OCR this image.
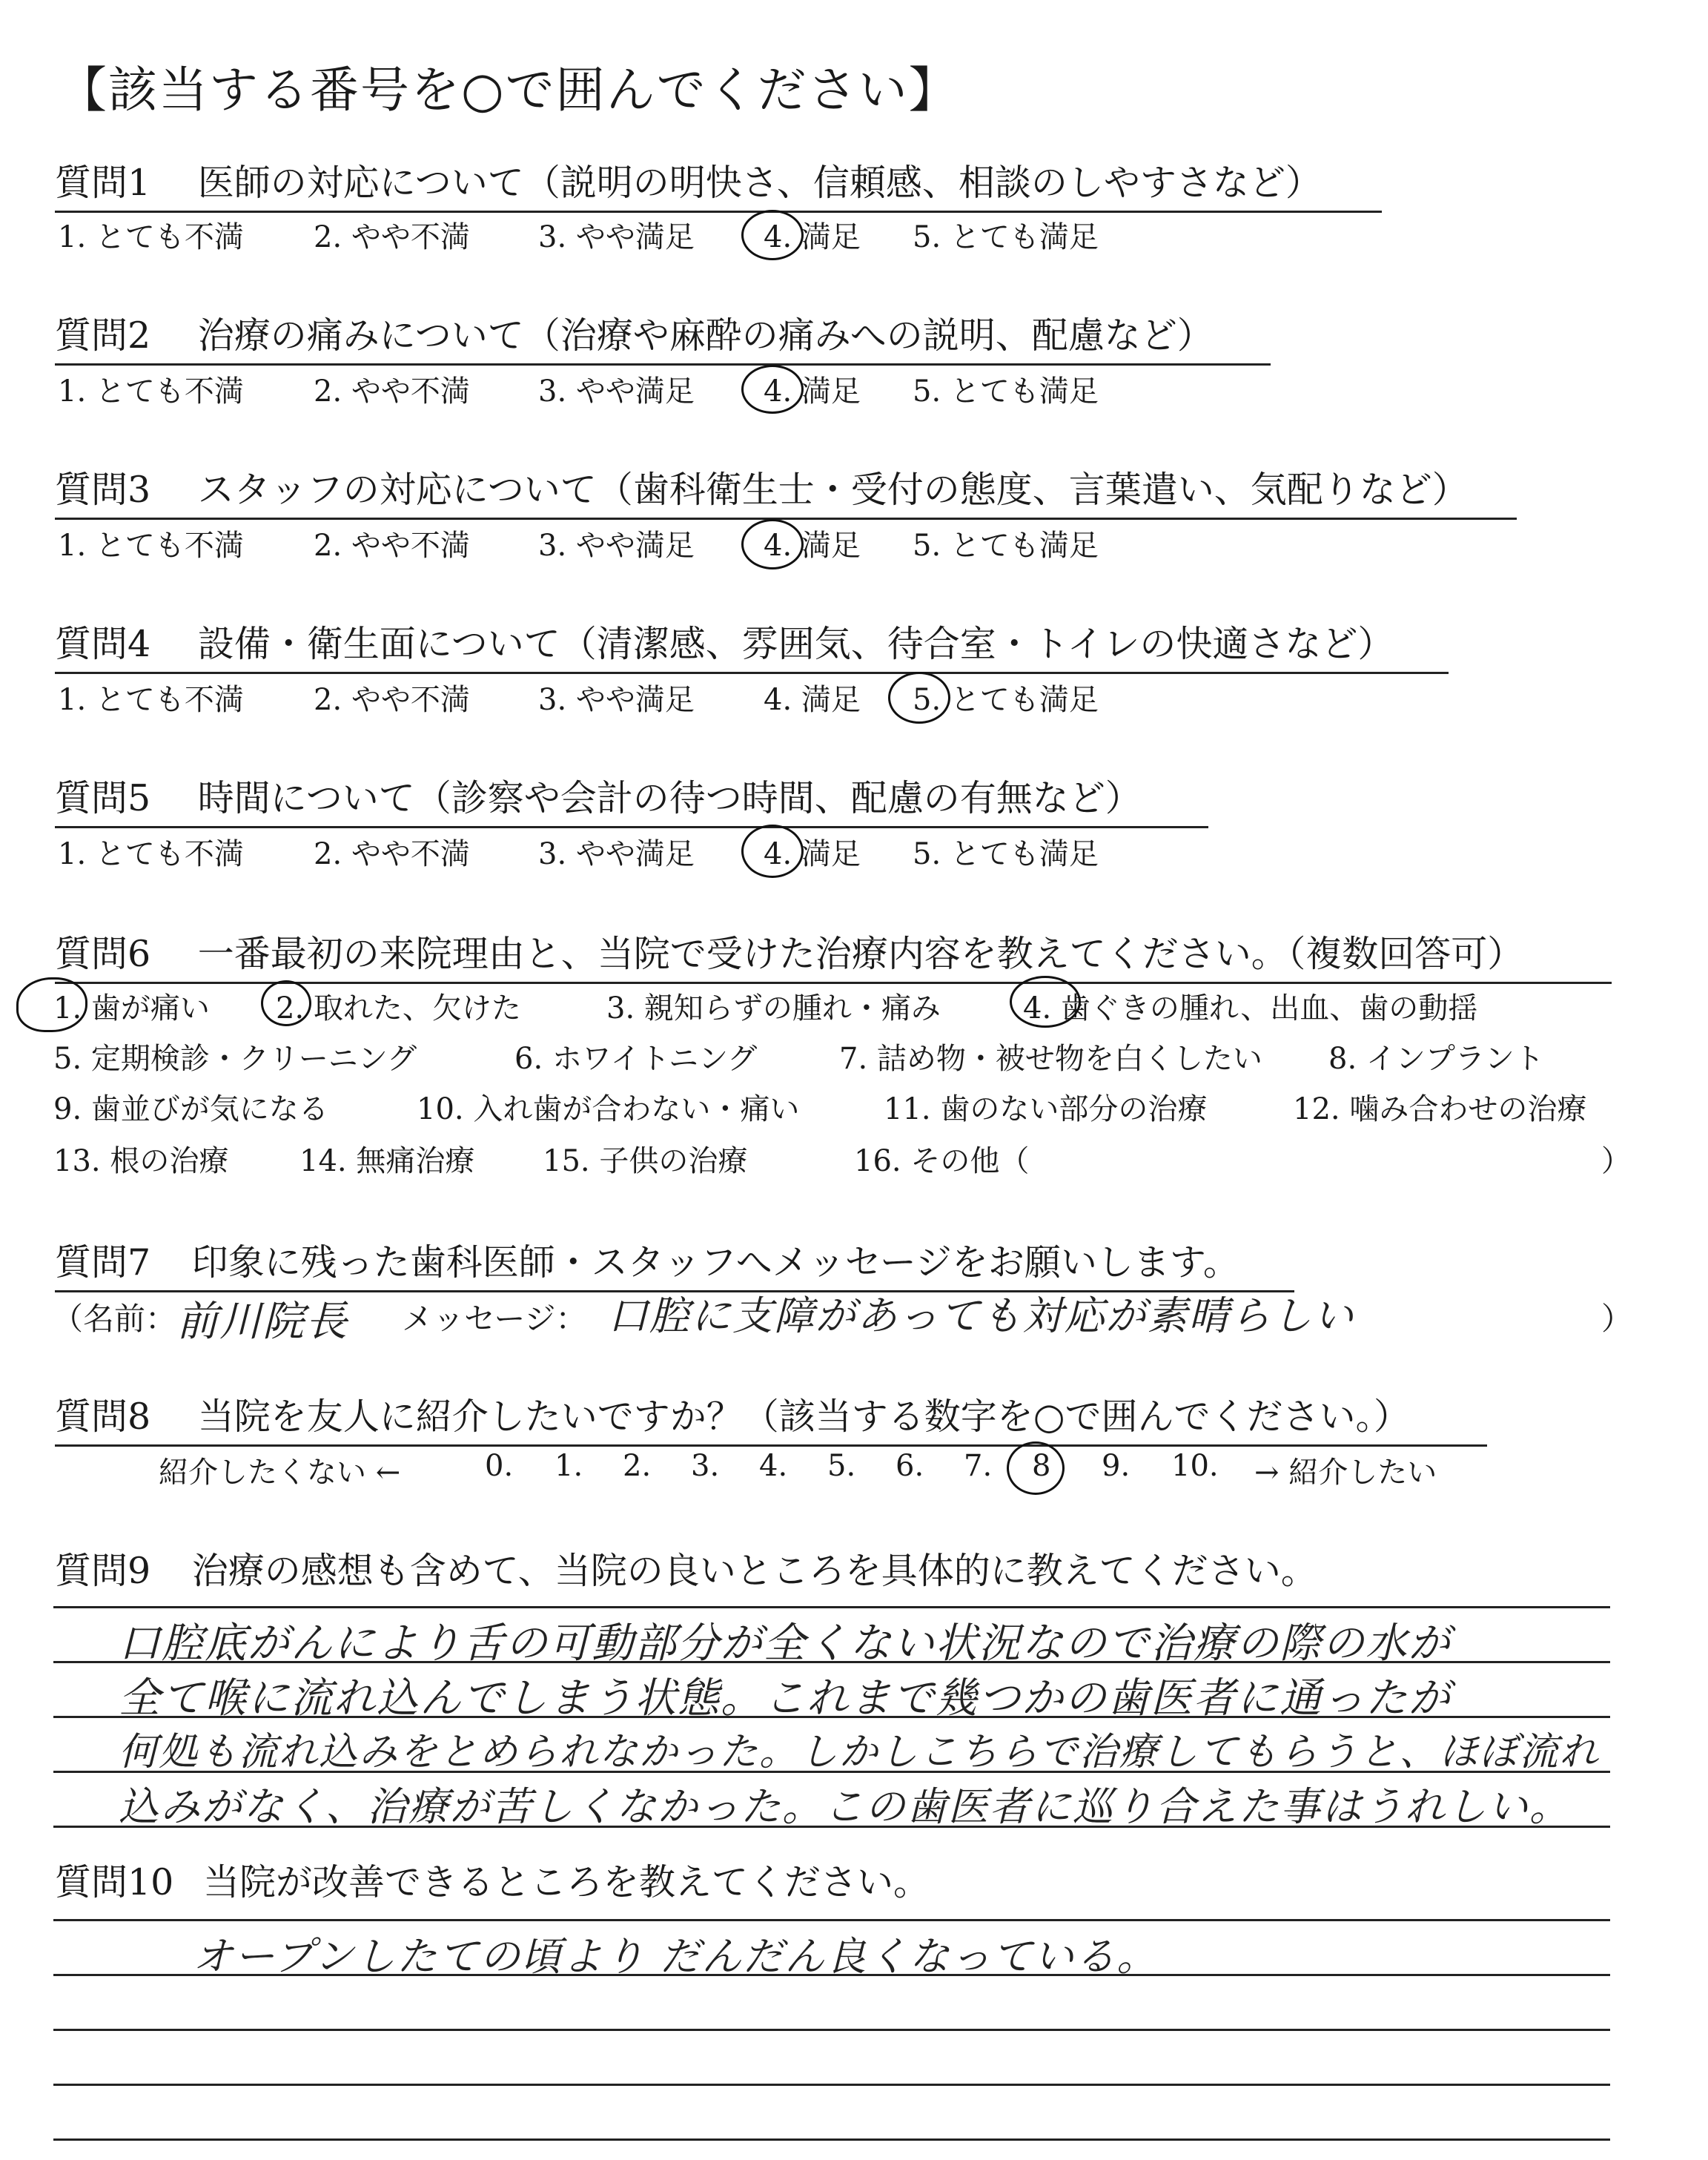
【該当する番号を○で囲んでください】
質問1 医師の対応について（説明の明快さ、信頼感、相談のしやすさなど）
1. とても不満 2. やや不満 3. やや満足 4. 満足 5. とても満足
質問2 治療の痛みについて（治療や麻酔の痛みへの説明、配慮など）
1. とても不満 2. やや不満 3. やや満足 4. 満足 5. とても満足
質問3 スタッフの対応について（歯科衛生士・受付の態度、言葉遣い、気配りなど）
1. とても不満 2. やや不満 3. やや満足 4. 満足 5. とても満足
質問4 設備・衛生面について（清潔感、雰囲気、待合室・トイレの快適さなど）
1. とても不満 2. やや不満 3. やや満足 4. 満足 5. とても満足
質問5 時間について（診察や会計の待つ時間、配慮の有無など）
1. とても不満 2. やや不満 3. やや満足 4. 満足 5. とても満足
質問6 一番最初の来院理由と、当院で受けた治療内容を教えてください。（複数回答可）
1. 歯が痛い 2. 取れた、欠けた	3. 親知らずの腫れ・痛み	4. 歯ぐきの腫れ、出血、歯の動揺
5. 定期検診・クリーニング	6. ホワイトニング	7. 詰め物・被せ物を白くしたい 8. インプラント
9. 歯並びが気になる	10. 入れ歯が合わない・痛い	11. 歯のない部分の治療	12. 噛み合わせの治療
13. 根の治療 14. 無痛治療 15. 子供の治療	16. その他（	）
質問7 印象に残った歯科医師・スタッフへメッセージをお願いします。
（名前： 前川院長 メッセージ： 口腔に支障があっても対応が素晴らしい	）
質問8 当院を友人に紹介したいですか？（該当する数字を○で囲んでください。）
紹介したくない ←	0. 1. 2. 3. 4. 5. 6. 7. 8 9. 10. → 紹介したい
質問9 治療の感想も含めて、当院の良いところを具体的に教えてください。
口腔底がんにより舌の可動部分が全くない状況なので治療の際の水が
全て喉に流れ込んでしまう状態。これまで幾つかの歯医者に通ったが
何処も流れ込みをとめられなかった。しかしこちらで治療してもらうと、ほぼ流れ
込みがなく、治療が苦しくなかった。この歯医者に巡り合えた事はうれしい。
質問10 当院が改善できるところを教えてください。
オープンしたての頃より だんだん良くなっている。
